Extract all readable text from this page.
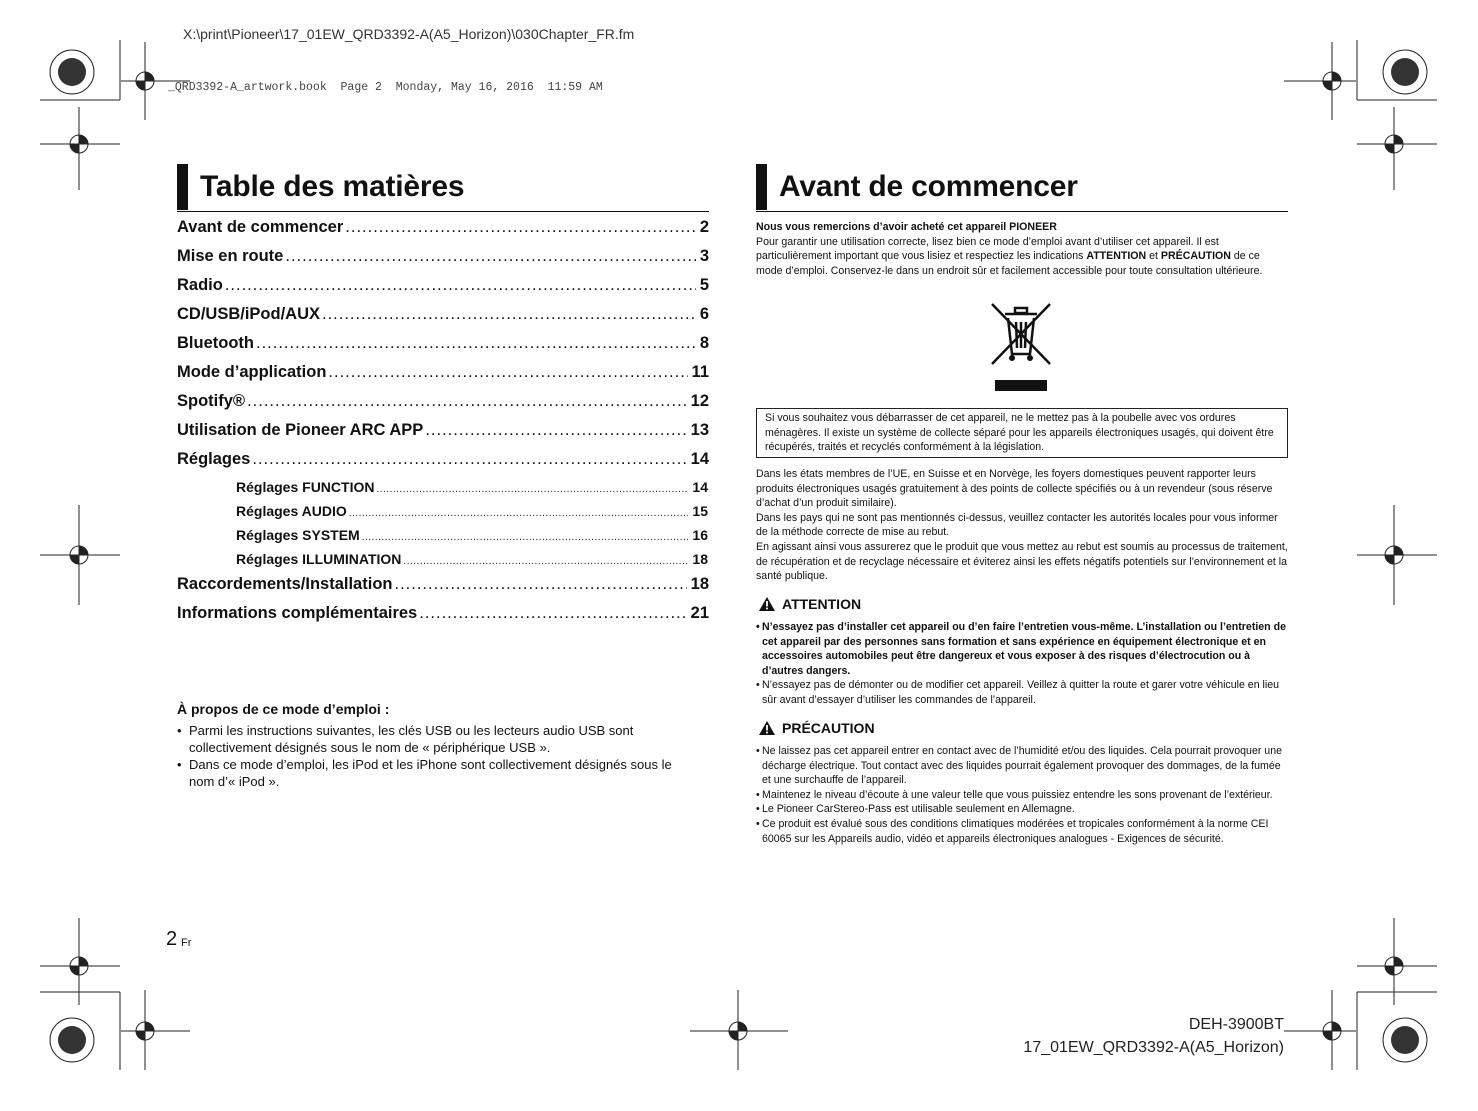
X:\print\Pioneer\17_01EW_QRD3392-A(A5_Horizon)\030Chapter_FR.fm
_QRD3392-A_artwork.book  Page 2  Monday, May 16, 2016  11:59 AM
Table des matières
Avant de commencer .....	2
Mise en route .....	3
Radio .....	5
CD/USB/iPod/AUX .....	6
Bluetooth .....	8
Mode d’application .....	11
Spotify® .....	12
Utilisation de Pioneer ARC APP .....	13
Réglages .....	14
Réglages FUNCTION .....	14
Réglages AUDIO .....	15
Réglages SYSTEM .....	16
Réglages ILLUMINATION .....	18
Raccordements/Installation .....	18
Informations complémentaires .....	21
À propos de ce mode d’emploi :
• Parmi les instructions suivantes, les clés USB ou les lecteurs audio USB sont collectivement désignés sous le nom de « périphérique USB ».
• Dans ce mode d’emploi, les iPod et les iPhone sont collectivement désignés sous le nom d’« iPod ».
Avant de commencer
Nous vous remercions d’avoir acheté cet appareil PIONEER
Pour garantir une utilisation correcte, lisez bien ce mode d’emploi avant d’utiliser cet appareil. Il est particulièrement important que vous lisiez et respectiez les indications ATTENTION et PRÉCAUTION de ce mode d’emploi. Conservez-le dans un endroit sûr et facilement accessible pour toute consultation ultérieure.
Si vous souhaitez vous débarrasser de cet appareil, ne le mettez pas à la poubelle avec vos ordures ménagères. Il existe un système de collecte séparé pour les appareils électroniques usagés, qui doivent être récupérés, traités et recyclés conformément à la législation.
Dans les états membres de l’UE, en Suisse et en Norvège, les foyers domestiques peuvent rapporter leurs produits électroniques usagés gratuitement à des points de collecte spécifiés ou à un revendeur (sous réserve d’achat d’un produit similaire).
Dans les pays qui ne sont pas mentionnés ci-dessus, veuillez contacter les autorités locales pour vous informer de la méthode correcte de mise au rebut.
En agissant ainsi vous assurerez que le produit que vous mettez au rebut est soumis au processus de traitement, de récupération et de recyclage nécessaire et éviterez ainsi les effets négatifs potentiels sur l’environnement et la santé publique.
ATTENTION
• N’essayez pas d’installer cet appareil ou d’en faire l’entretien vous-même. L’installation ou l’entretien de cet appareil par des personnes sans formation et sans expérience en équipement électronique et en accessoires automobiles peut être dangereux et vous exposer à des risques d’électrocution ou à d’autres dangers.
• N’essayez pas de démonter ou de modifier cet appareil. Veillez à quitter la route et garer votre véhicule en lieu sûr avant d’essayer d’utiliser les commandes de l’appareil.
PRÉCAUTION
• Ne laissez pas cet appareil entrer en contact avec de l’humidité et/ou des liquides. Cela pourrait provoquer une décharge électrique. Tout contact avec des liquides pourrait également provoquer des dommages, de la fumée et une surchauffe de l’appareil.
• Maintenez le niveau d’écoute à une valeur telle que vous puissiez entendre les sons provenant de l’extérieur.
• Le Pioneer CarStereo-Pass est utilisable seulement en Allemagne.
• Ce produit est évalué sous des conditions climatiques modérées et tropicales conformément à la norme CEI 60065 sur les Appareils audio, vidéo et appareils électroniques analogues - Exigences de sécurité.
2 Fr
DEH-3900BT
17_01EW_QRD3392-A(A5_Horizon)
